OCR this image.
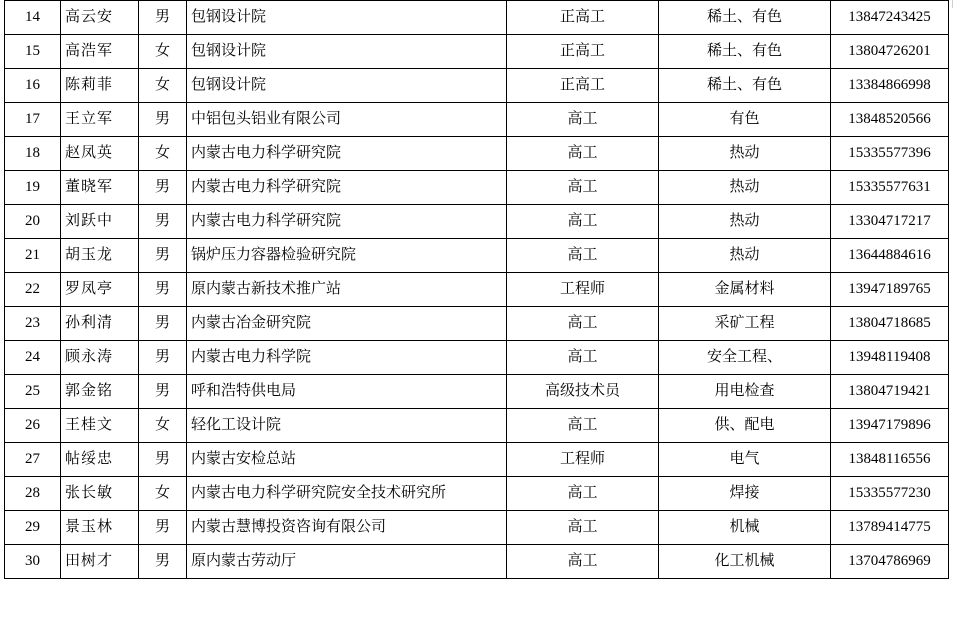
14	高云安	男	包钢设计院	正高工	稀土、有色	13847243425
15	高浩军	女	包钢设计院	正高工	稀土、有色	13804726201
16	陈莉菲	女	包钢设计院	正高工	稀土、有色	13384866998
17	王立军	男	中铝包头铝业有限公司	高工	有色	13848520566
18	赵凤英	女	内蒙古电力科学研究院	高工	热动	15335577396
19	董晓军	男	内蒙古电力科学研究院	高工	热动	15335577631
20	刘跃中	男	内蒙古电力科学研究院	高工	热动	13304717217
21	胡玉龙	男	锅炉压力容器检验研究院	高工	热动	13644884616
22	罗凤亭	男	原内蒙古新技术推广站	工程师	金属材料	13947189765
23	孙利清	男	内蒙古冶金研究院	高工	采矿工程	13804718685
24	顾永涛	男	内蒙古电力科学院	高工	安全工程、	13948119408
25	郭金铭	男	呼和浩特供电局	高级技术员	用电检查	13804719421
26	王桂文	女	轻化工设计院	高工	供、配电	13947179896
27	帖绥忠	男	内蒙古安检总站	工程师	电气	13848116556
28	张长敏	女	内蒙古电力科学研究院安全技术研究所	高工	焊接	15335577230
29	景玉林	男	内蒙古慧博投资咨询有限公司	高工	机械	13789414775
30	田树才	男	原内蒙古劳动厅	高工	化工机械	13704786969
